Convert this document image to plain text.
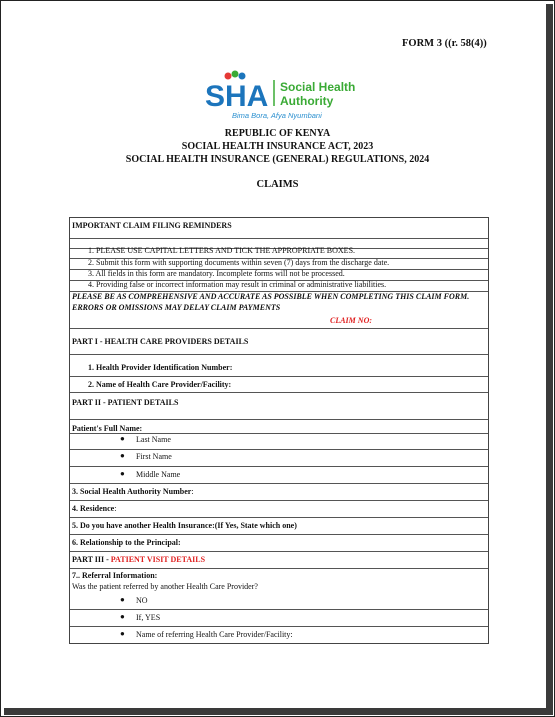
FORM 3 ((r. 58(4))
SHA Social Health
Authority
Bima Bora, Afya Nyumbani
REPUBLIC OF KENYA
SOCIAL HEALTH INSURANCE ACT, 2023
SOCIAL HEALTH INSURANCE (GENERAL) REGULATIONS, 2024
CLAIMS
IMPORTANT CLAIM FILING REMINDERS
1. PLEASE USE CAPITAL LETTERS AND TICK THE APPROPRIATE BOXES.
2. Submit this form with supporting documents within seven (7) days from the discharge date.
3. All fields in this form are mandatory. Incomplete forms will not be processed.
4. Providing false or incorrect information may result in criminal or administrative liabilities.
PLEASE BE AS COMPREHENSIVE AND ACCURATE AS POSSIBLE WHEN COMPLETING THIS CLAIM FORM.
ERRORS OR OMISSIONS MAY DELAY CLAIM PAYMENTS
CLAIM NO:
PART I - HEALTH CARE PROVIDERS DETAILS
1. Health Provider Identification Number:
2. Name of Health Care Provider/Facility:
PART II - PATIENT DETAILS
Patient's Full Name:
● Last Name
● First Name
● Middle Name
3. Social Health Authority Number:
4. Residence:
5. Do you have another Health Insurance:(If Yes, State which one)
6. Relationship to the Principal:
PART III - PATIENT VISIT DETAILS
7.. Referral Information:
Was the patient referred by another Health Care Provider?
● NO
● If, YES
● Name of referring Health Care Provider/Facility:
